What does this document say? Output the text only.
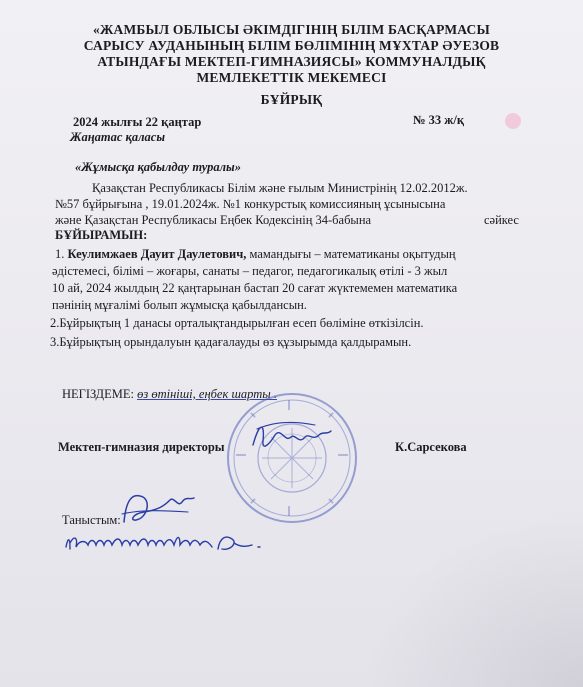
«ЖАМБЫЛ ОБЛЫСЫ ӘКІМДІГІНІҢ БІЛІМ БАСҚАРМАСЫ
САРЫСУ АУДАНЫНЫҢ БІЛІМ БӨЛІМІНІҢ МҰХТАР ӘУЕЗОВ
АТЫНДАҒЫ МЕКТЕП-ГИМНАЗИЯСЫ» КОММУНАЛДЫҚ
МЕМЛЕКЕТТІК МЕКЕМЕСІ
БҰЙРЫҚ
2024 жылғы 22 қаңтар	№ 33 ж/қ
Жаңатас қаласы
«Жұмысқа қабылдау туралы»
Қазақстан Республикасы Білім және ғылым Министрінің 12.02.2012ж.
№57 бұйрығына , 19.01.2024ж. №1 конкурстық комиссияның ұсынысына
және Қазақстан Республикасы Еңбек Кодексінің 34-бабына	сәйкес
БҰЙЫРАМЫН:
1. Кеулимжаев Дауит Даулетович, мамандығы – математиканы оқытудың
әдістемесі, білімі – жоғары, санаты – педагог, педагогикалық өтілі - 3 жыл
10 ай, 2024 жылдың 22 қаңтарынан бастап 20 сағат жүктемемен математика
пәнінің мұғалімі болып жұмысқа қабылдансын.
2.Бұйрықтың 1 данасы орталықтандырылған есеп бөліміне өткізілсін.
3.Бұйрықтың орындалуын қадағалауды өз құзырымда қалдырамын.
НЕГІЗДЕМЕ: өз өтініші, еңбек шарты .
Мектеп-гимназия директоры	К.Сарсекова
Таныстым:
